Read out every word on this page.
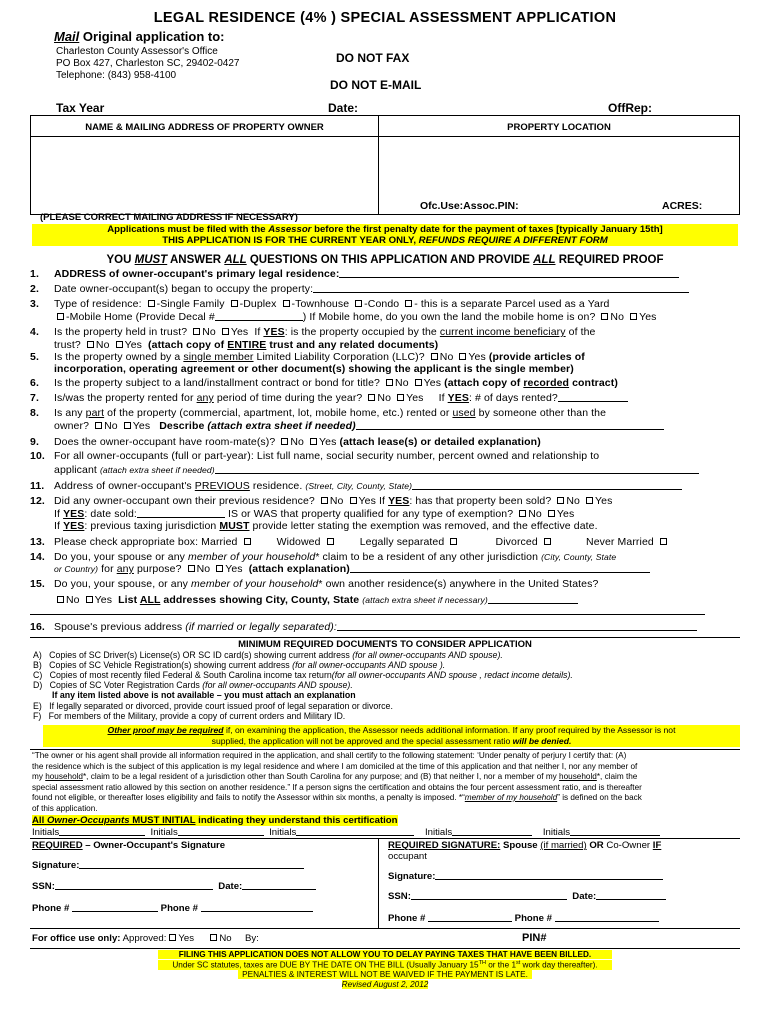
LEGAL RESIDENCE (4% ) SPECIAL ASSESSMENT APPLICATION
Mail Original application to:
Charleston County Assessor's Office
PO Box 427, Charleston SC, 29402-0427
Telephone: (843) 958-4100
DO NOT FAX
DO NOT E-MAIL
Tax Year	Date:	OffRep:
NAME & MAILING ADDRESS OF PROPERTY OWNER	PROPERTY LOCATION
Ofc.Use:Assoc.PIN:	ACRES:
(PLEASE CORRECT MAILING ADDRESS IF NECESSARY)
Applications must be filed with the Assessor before the first penalty date for the payment of taxes [typically January 15th]
THIS APPLICATION IS FOR THE CURRENT YEAR ONLY, REFUNDS REQUIRE A DIFFERENT FORM
YOU MUST ANSWER ALL QUESTIONS ON THIS APPLICATION AND PROVIDE ALL REQUIRED PROOF
1. ADDRESS of owner-occupant's primary legal residence:
2. Date owner-occupant(s) began to occupy the property:
3. Type of residence: -Single Family -Duplex -Townhouse -Condo - this is a separate Parcel used as a Yard
-Mobile Home (Provide Decal #	) If Mobile home, do you own the land the mobile home is on? No Yes
4. Is the property held in trust? No Yes If YES: is the property occupied by the current income beneficiary of the
trust? No Yes (attach copy of ENTIRE trust and any related documents)
5. Is the property owned by a single member Limited Liability Corporation (LLC)? No Yes (provide articles of
incorporation, operating agreement or other document(s) showing the applicant is the single member)
6. Is the property subject to a land/installment contract or bond for title? No Yes (attach copy of recorded contract)
7. Is/was the property rented for any period of time during the year? No Yes If YES: # of days rented?
8. Is any part of the property (commercial, apartment, lot, mobile home, etc.) rented or used by someone other than the
owner? No Yes Describe (attach extra sheet if needed)
9. Does the owner-occupant have room-mate(s)? No Yes (attach lease(s) or detailed explanation)
10. For all owner-occupants (full or part-year): List full name, social security number, percent owned and relationship to
applicant (attach extra sheet if needed)
11. Address of owner-occupant's PREVIOUS residence. (Street, City, County, State)
12. Did any owner-occupant own their previous residence? No Yes If YES: has that property been sold? No Yes
If YES: date sold:	IS or WAS that property qualified for any type of exemption? No Yes
If YES: previous taxing jurisdiction MUST provide letter stating the exemption was removed, and the effective date.
13. Please check appropriate box: Married	Widowed	Legally separated	Divorced	Never Married
14. Do you, your spouse or any member of your household* claim to be a resident of any other jurisdiction (City, County, State
or Country) for any purpose? No Yes (attach explanation)
15. Do you, your spouse, or any member of your household* own another residence(s) anywhere in the United States?
No Yes List ALL addresses showing City, County, State (attach extra sheet if necessary)
16. Spouse's previous address (if married or legally separated):
MINIMUM REQUIRED DOCUMENTS TO CONSIDER APPLICATION
A) Copies of SC Driver(s) License(s) OR SC ID card(s) showing current address (for all owner-occupants AND spouse).
B) Copies of SC Vehicle Registration(s) showing current address (for all owner-occupants AND spouse ).
C) Copies of most recently filed Federal & South Carolina income tax return(for all owner-occupants AND spouse , redact income details).
D) Copies of SC Voter Registration Cards (for all owner-occupants AND spouse).
If any item listed above is not available – you must attach an explanation
E) If legally separated or divorced, provide court issued proof of legal separation or divorce.
F) For members of the Military, provide a copy of current orders and Military ID.
Other proof may be required if, on examining the application, the Assessor needs additional information. If any proof required by the Assessor is not
supplied, the application will not be approved and the special assessment ratio will be denied.
“The owner or his agent shall provide all information required in the application, and shall certify to the following statement: ‘Under penalty of perjury I certify that: (A)
the residence which is the subject of this application is my legal residence and where I am domiciled at the time of this application and that neither I, nor any member of
my household*, claim to be a legal resident of a jurisdiction other than South Carolina for any purpose; and (B) that neither I, nor a member of my household*, claim the
special assessment ratio allowed by this section on another residence.” If a person signs the certification and obtains the four percent assessment ratio, and is thereafter
found not eligible, or thereafter loses eligibility and fails to notify the Assessor within six months, a penalty is imposed. *“member of my household” is defined on the back
of this application.
All Owner-Occupants MUST INITIAL indicating they understand this certification
Initials	Initials	Initials	Initials	Initials
REQUIRED – Owner-Occupant's Signature
Signature:
SSN:	Date:
Phone #	Phone #
REQUIRED SIGNATURE: Spouse (if married) OR Co-Owner IF
occupant
Signature:
SSN:	Date:
Phone #	Phone #
For office use only: Approved: Yes	No By:	PIN#
FILING THIS APPLICATION DOES NOT ALLOW YOU TO DELAY PAYING TAXES THAT HAVE BEEN BILLED.
Under SC statutes, taxes are DUE BY THE DATE ON THE BILL (Usually January 15TH or the 1st work day thereafter).
PENALTIES & INTEREST WILL NOT BE WAIVED IF THE PAYMENT IS LATE.
Revised August 2, 2012
